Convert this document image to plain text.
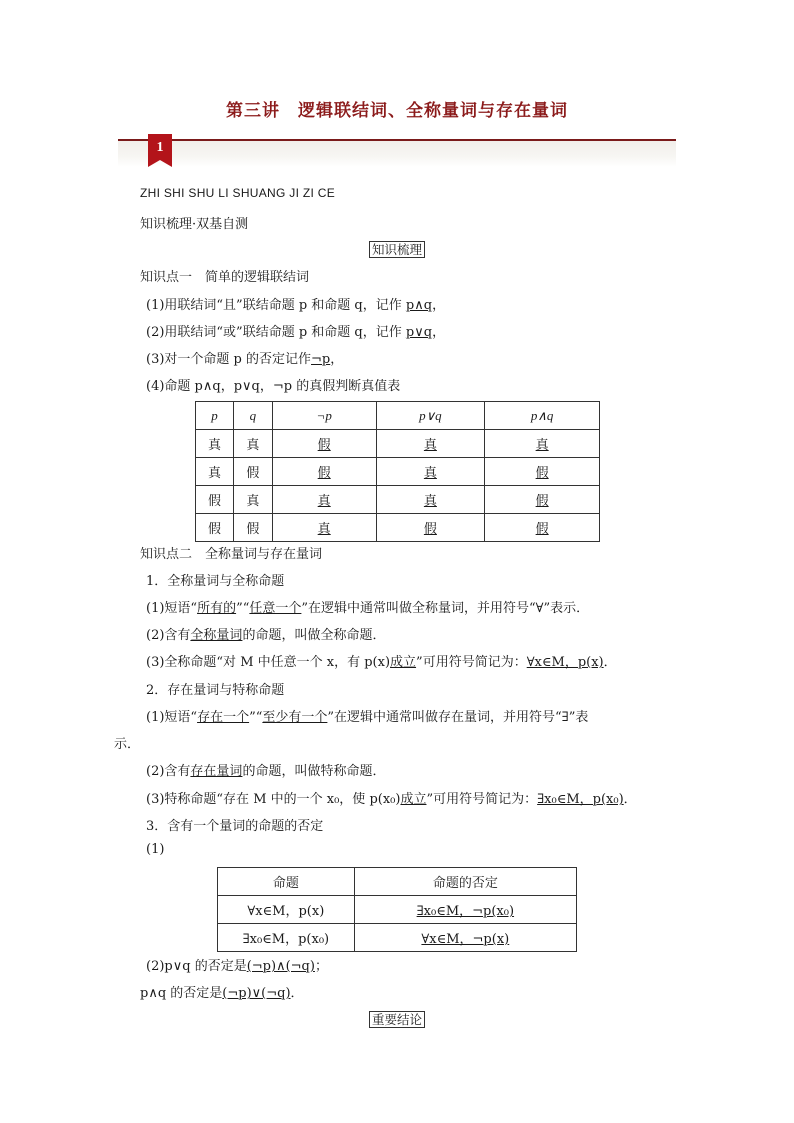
第三讲　逻辑联结词、全称量词与存在量词
1
ZHI SHI SHU LI SHUANG JI ZI CE
知识梳理·双基自测
知识梳理
知识点一　简单的逻辑联结词
(1)用联结词“且”联结命题 p 和命题 q，记作 p∧q，
(2)用联结词“或”联结命题 p 和命题 q，记作 p∨q，
(3)对一个命题 p 的否定记作¬p，
(4)命题 p∧q，p∨q，¬p 的真假判断真值表
p	q	¬p	p∨q	p∧q
真	真	假	真	真
真	假	假	真	假
假	真	真	真	假
假	假	真	假	假
知识点二　全称量词与存在量词
1．全称量词与全称命题
(1)短语“所有的”“任意一个”在逻辑中通常叫做全称量词，并用符号“∀”表示．
(2)含有全称量词的命题，叫做全称命题．
(3)全称命题“对 M 中任意一个 x，有 p(x)成立”可用符号简记为：∀x∈M，p(x)．
2．存在量词与特称命题
(1)短语“存在一个”“至少有一个”在逻辑中通常叫做存在量词，并用符号“∃”表
示．
(2)含有存在量词的命题，叫做特称命题．
(3)特称命题“存在 M 中的一个 x₀，使 p(x₀)成立”可用符号简记为：∃x₀∈M，p(x₀)．
3．含有一个量词的命题的否定
(1)
命题	命题的否定
∀x∈M，p(x)	∃x₀∈M，¬p(x₀)
∃x₀∈M，p(x₀)	∀x∈M，¬p(x)
(2)p∨q 的否定是(¬p)∧(¬q)；
p∧q 的否定是(¬p)∨(¬q)．
重要结论
